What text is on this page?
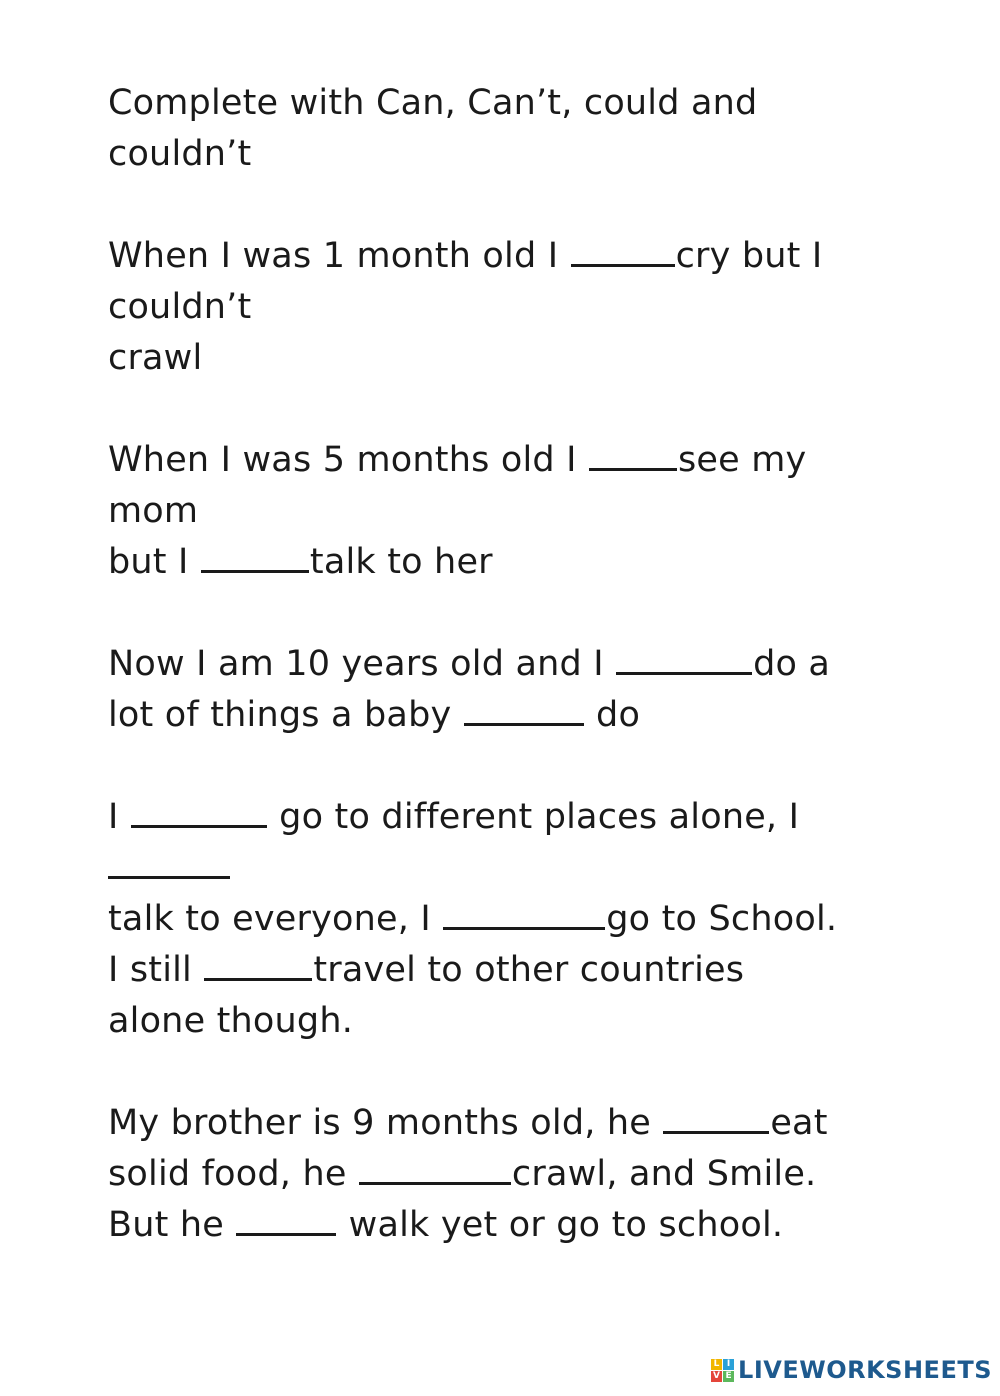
Complete with Can, Can’t, could and
couldn’t
When I was 1 month old I	cry but I
couldn’t
crawl
When I was 5 months old I	see my
mom
but I	talk to her
Now I am 10 years old and I	do a
lot of things a baby	do
I	go to different places alone, I
talk to everyone, I	go to School.
I still	travel to other countries
alone though.
My brother is 9 months old, he	eat
solid food, he	crawl, and Smile.
But he	walk yet or go to school.
L I
V E LIVEWORKSHEETS
